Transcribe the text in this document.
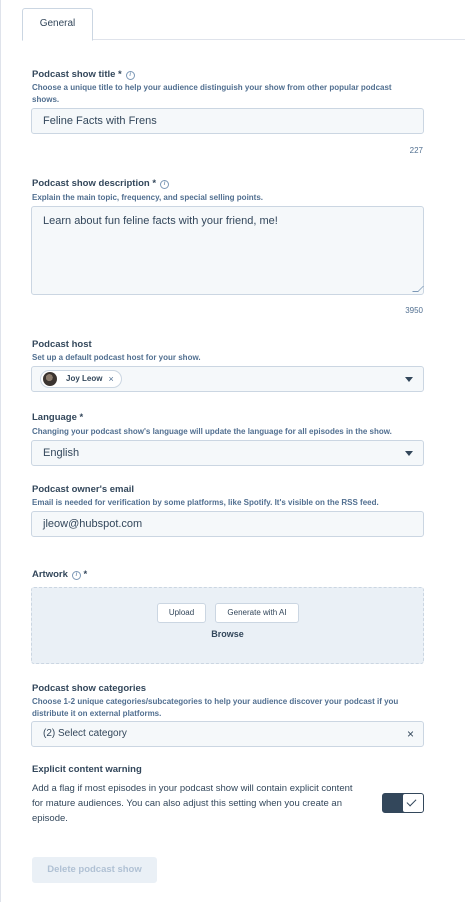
General
Podcast show title * i
Choose a unique title to help your audience distinguish your show from other popular podcast shows.
Feline Facts with Frens
227
Podcast show description * i
Explain the main topic, frequency, and special selling points.
Learn about fun feline facts with your friend, me!
3950
Podcast host
Set up a default podcast host for your show.
Joy Leow ×
Language *
Changing your podcast show's language will update the language for all episodes in the show.
English
Podcast owner's email
Email is needed for verification by some platforms, like Spotify. It's visible on the RSS feed.
jleow@hubspot.com
Artwork i *
Upload	Generate with AI
Browse
Podcast show categories
Choose 1-2 unique categories/subcategories to help your audience discover your podcast if you distribute it on external platforms.
(2) Select category	×
Explicit content warning
Add a flag if most episodes in your podcast show will contain explicit content for mature audiences. You can also adjust this setting when you create an episode.
Delete podcast show
